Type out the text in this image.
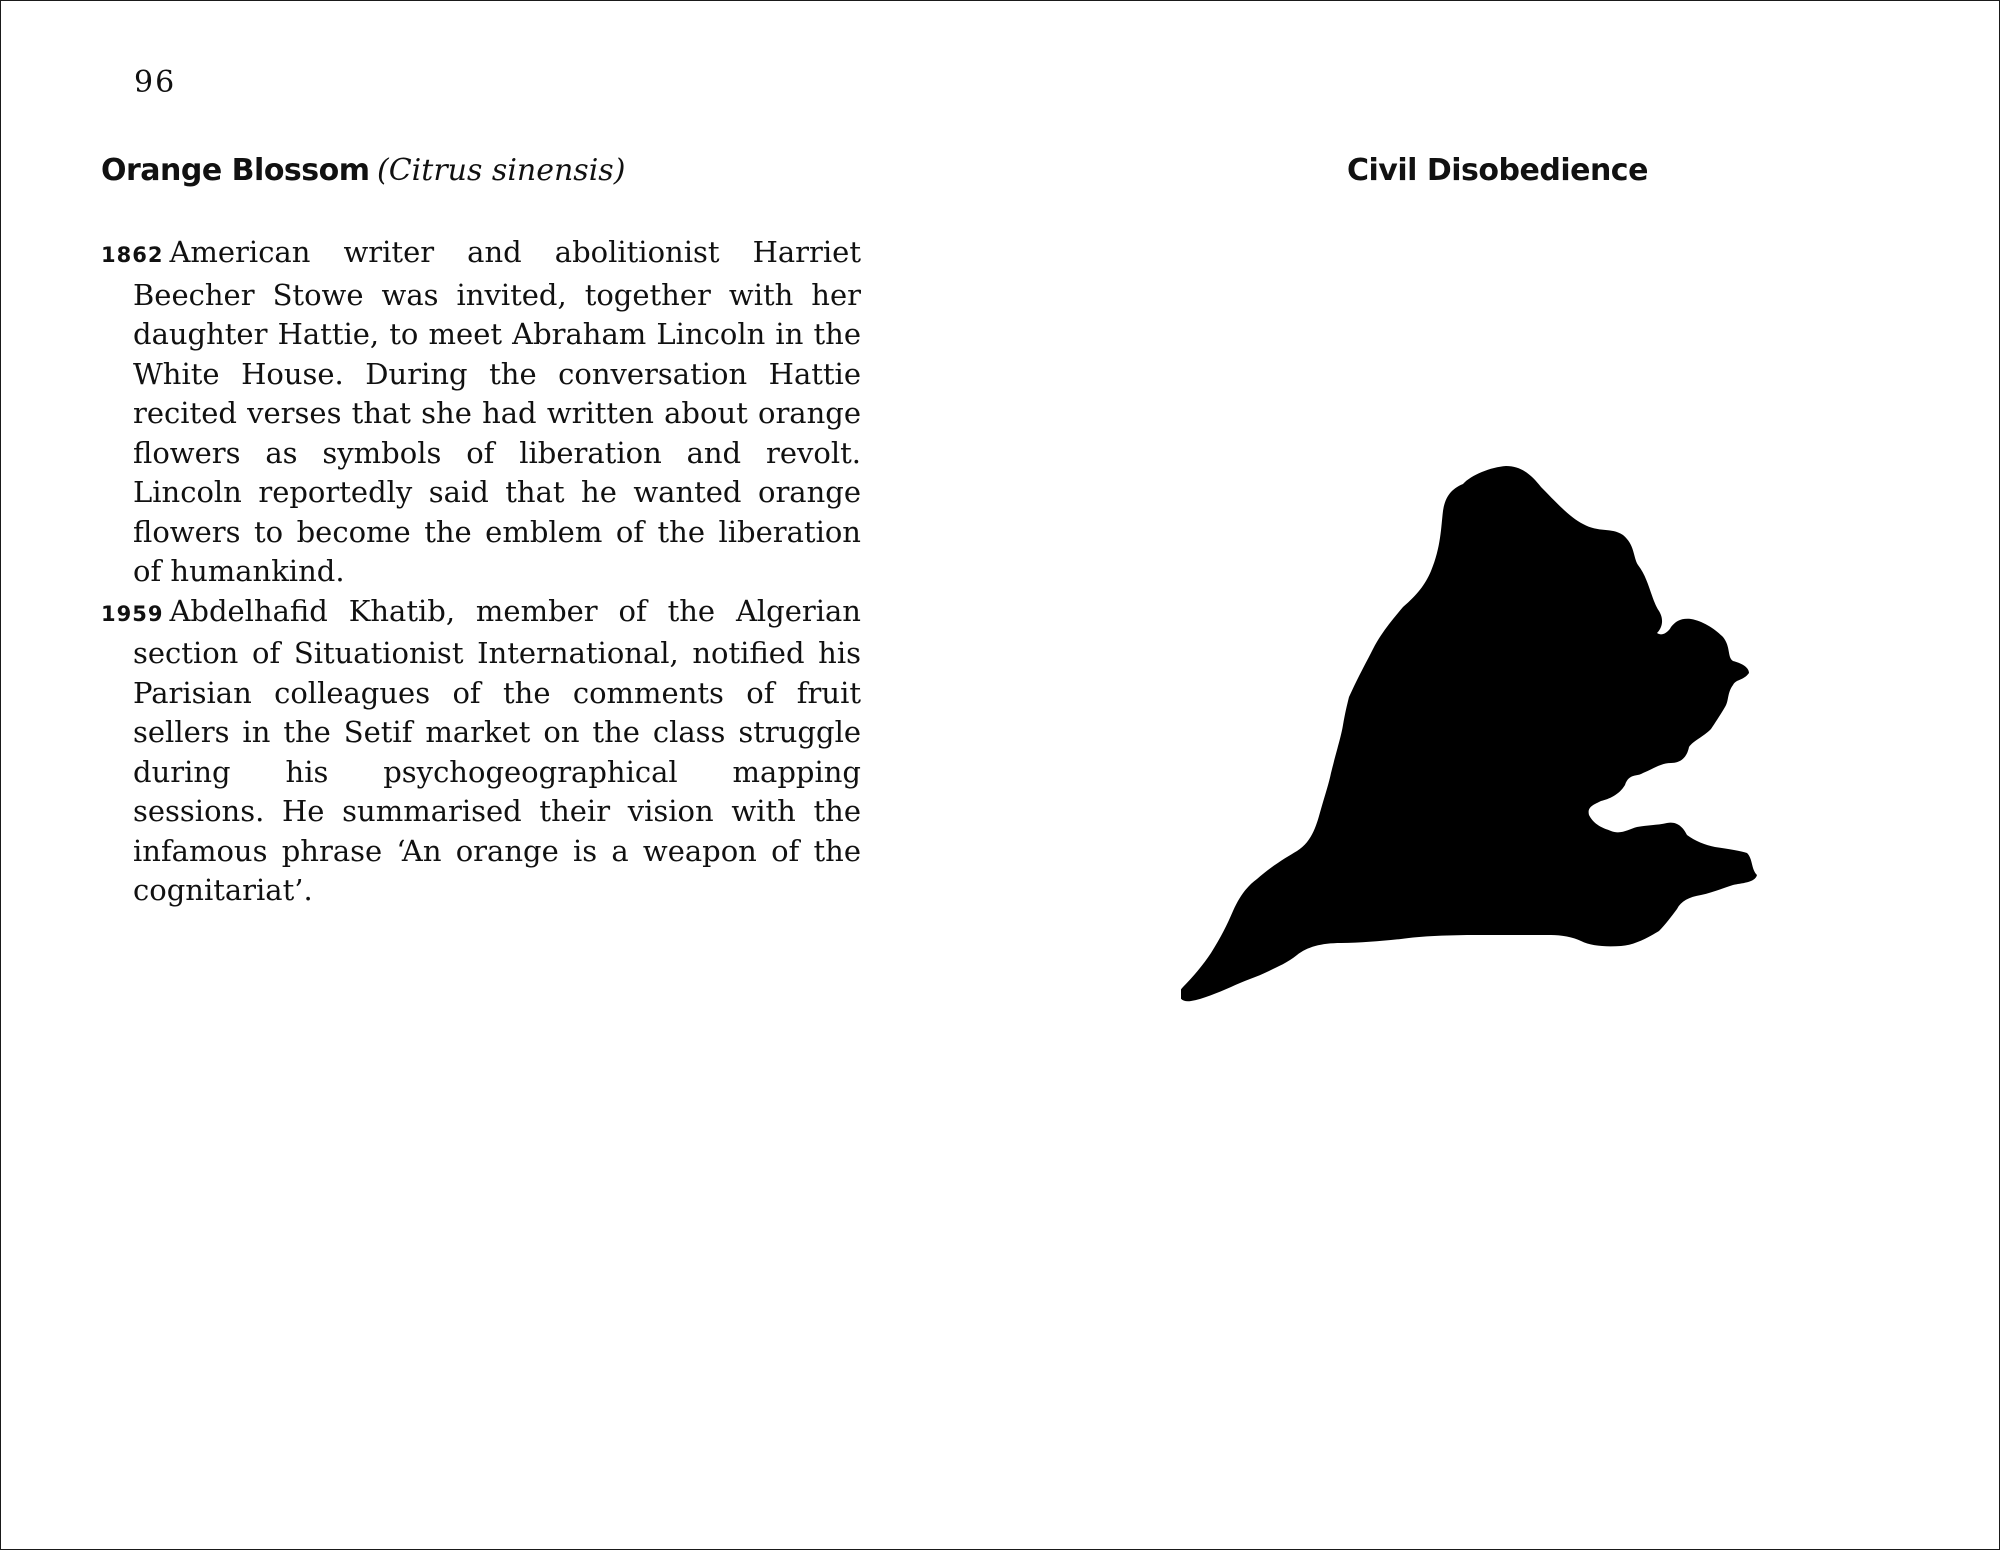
96
Orange Blossom (Citrus sinensis)	Civil Disobedience

1862 American writer and abolitionist Harriet Beecher Stowe was invited, together with her daughter Hattie, to meet Abraham Lincoln in the White House. During the conversation Hattie recited verses that she had written about orange flowers as symbols of liberation and revolt. Lincoln reportedly said that he wanted orange flowers to become the emblem of the liberation of humankind.

1959 Abdelhafid Khatib, member of the Algerian section of Situationist International, notified his Parisian colleagues of the comments of fruit sellers in the Setif market on the class struggle during his psychogeographical mapping sessions. He summarised their vision with the infamous phrase ‘An orange is a weapon of the cognitariat’.
